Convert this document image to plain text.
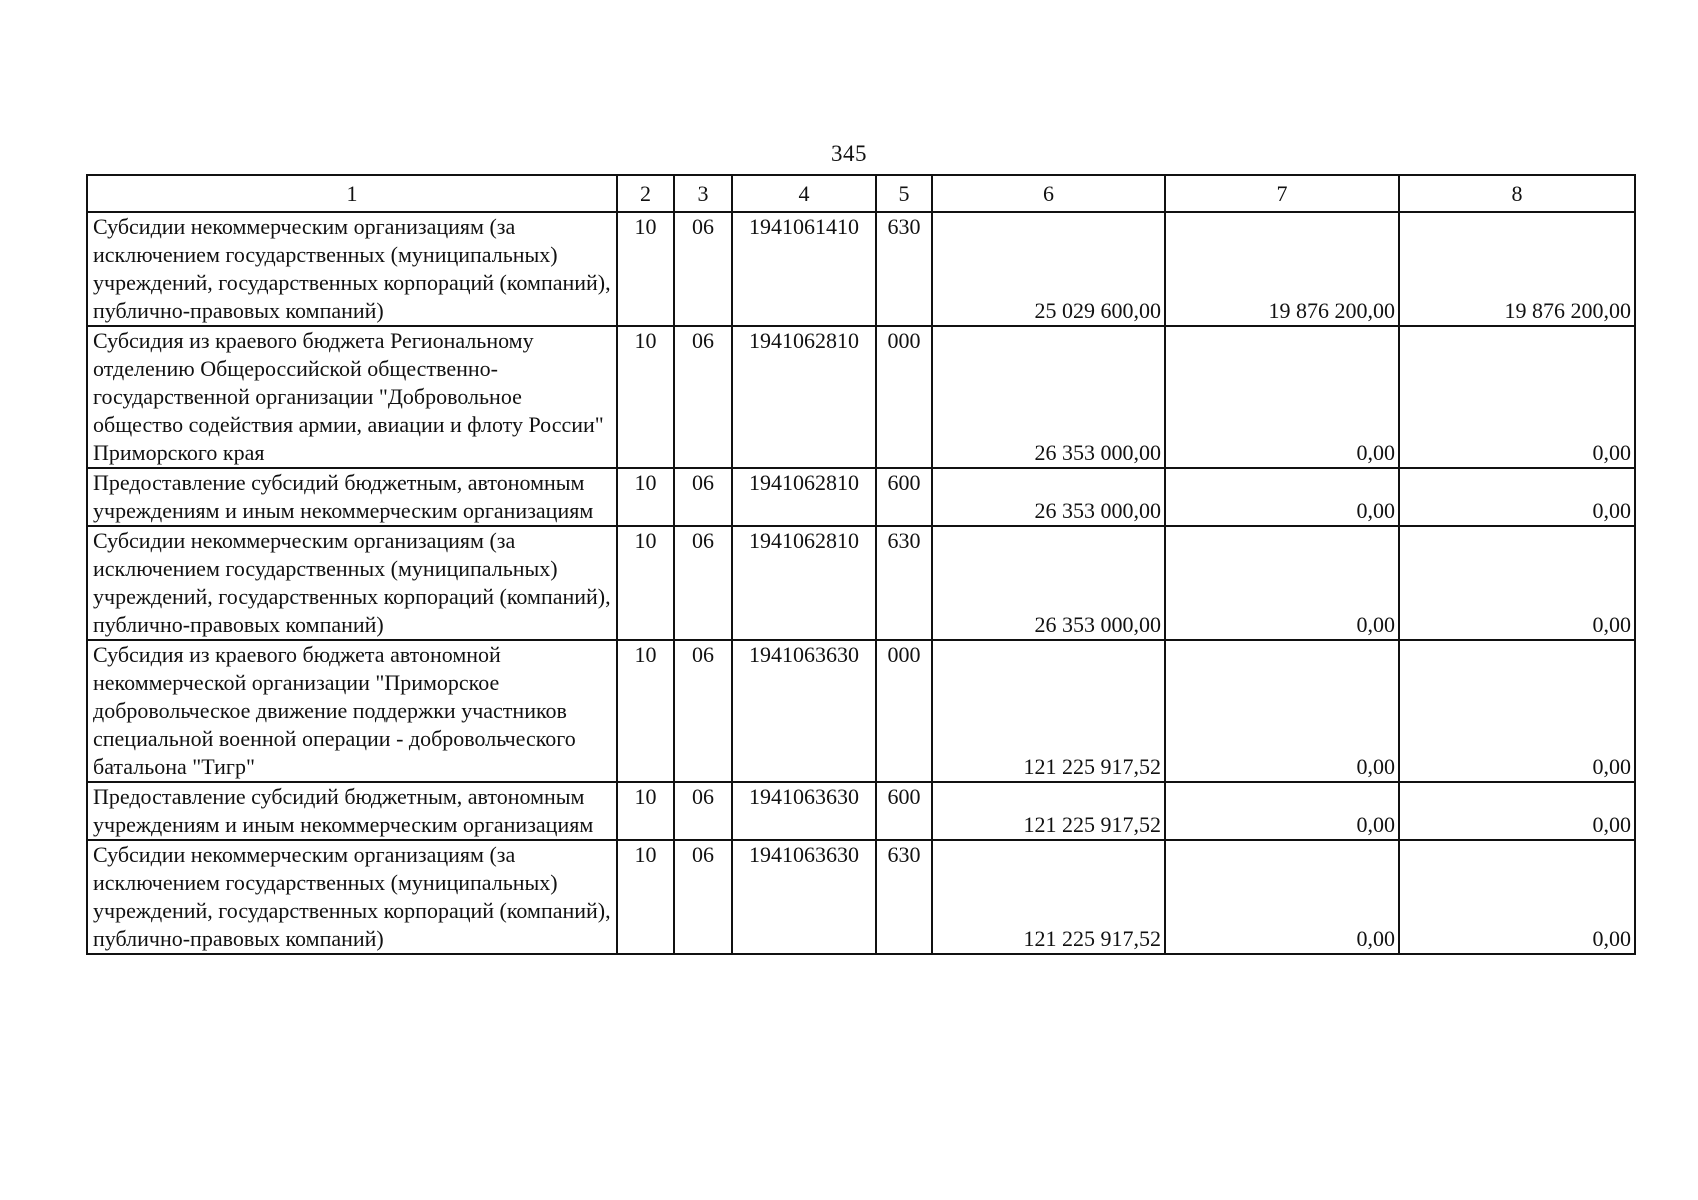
345
1	2	3	4	5	6	7	8
Субсидии некоммерческим организациям (за исключением государственных (муниципальных) учреждений, государственных корпораций (компаний), публично-правовых компаний)	10	06	1941061410	630	25 029 600,00	19 876 200,00	19 876 200,00
Субсидия из краевого бюджета Региональному отделению Общероссийской общественно-государственной организации "Добровольное общество содействия армии, авиации и флоту России" Приморского края	10	06	1941062810	000	26 353 000,00	0,00	0,00
Предоставление субсидий бюджетным, автономным учреждениям и иным некоммерческим организациям	10	06	1941062810	600	26 353 000,00	0,00	0,00
Субсидии некоммерческим организациям (за исключением государственных (муниципальных) учреждений, государственных корпораций (компаний), публично-правовых компаний)	10	06	1941062810	630	26 353 000,00	0,00	0,00
Субсидия из краевого бюджета автономной некоммерческой организации "Приморское добровольческое движение поддержки участников специальной военной операции - добровольческого батальона "Тигр"	10	06	1941063630	000	121 225 917,52	0,00	0,00
Предоставление субсидий бюджетным, автономным учреждениям и иным некоммерческим организациям	10	06	1941063630	600	121 225 917,52	0,00	0,00
Субсидии некоммерческим организациям (за исключением государственных (муниципальных) учреждений, государственных корпораций (компаний), публично-правовых компаний)	10	06	1941063630	630	121 225 917,52	0,00	0,00
